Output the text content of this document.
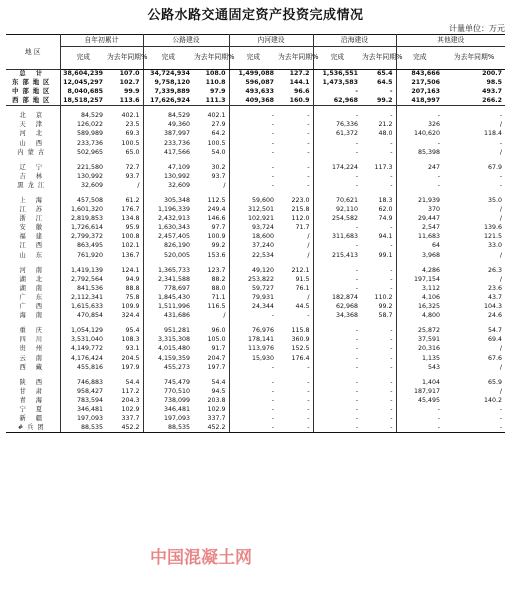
公路水路交通固定资产投资完成情况
计量单位：万元
地 区	自年初累计		公路建设		内河建设		沿海建设		其他建设	
	完成	为去年同期%	完成	为去年同期%	完成	为去年同期%	完成	为去年同期%	完成	为去年同期%
总 计	38,604,239	107.0	34,724,934	108.0	1,499,088	127.2	1,536,551	65.4	843,666	200.7
东部地区	12,045,297	102.7	9,758,120	110.8	596,087	144.1	1,473,583	64.5	217,506	98.5
中部地区	8,040,685	99.9	7,339,889	97.9	493,633	96.6	-	-	207,163	493.7
西部地区	18,518,257	113.6	17,626,924	111.3	409,368	160.9	62,968	99.2	418,997	266.2

北 京	84,529	402.1	84,529	402.1	-	-	-	-	-	-
天 津	126,022	23.5	49,360	27.9	-	-	76,336	21.2	326	/
河 北	589,989	69.3	387,997	64.2	-	-	61,372	48.0	140,620	118.4
山 西	233,736	100.5	233,736	100.5	-	-	-	-	-	-
内蒙古	502,965	65.0	417,566	54.0	-	-	-	-	85,398	/

辽 宁	221,580	72.7	47,109	30.2	-	-	174,224	117.3	247	67.9
吉 林	130,992	93.7	130,992	93.7	-	-	-	-	-	-
黑龙江	32,609	/	32,609	/	-	-	-	-	-	-

上 海	457,508	61.2	305,348	112.5	59,600	223.0	70,621	18.3	21,939	35.0
江 苏	1,601,320	176.7	1,196,339	249.4	312,501	215.8	92,110	62.0	370	/
浙 江	2,819,853	134.8	2,432,913	146.6	102,921	112.0	254,582	74.9	29,447	/
安 徽	1,726,614	95.9	1,630,343	97.7	93,724	71.7	-	-	2,547	139.6
福 建	2,799,372	100.8	2,457,405	100.9	18,600	/	311,683	94.1	11,683	121.5
江 西	863,495	102.1	826,190	99.2	37,240	/	-	-	64	33.0
山 东	761,920	136.7	520,005	153.6	22,534	/	215,413	99.1	3,968	/

河 南	1,419,139	124.1	1,365,733	123.7	49,120	212.1	-	-	4,286	26.3
湖 北	2,792,564	94.9	2,341,588	88.2	253,822	91.5	-	-	197,154	/
湖 南	841,536	88.8	778,697	88.0	59,727	76.1	-	-	3,112	23.6
广 东	2,112,341	75.8	1,845,430	71.1	79,931	/	182,874	110.2	4,106	43.7
广 西	1,615,633	109.9	1,511,996	116.5	24,344	44.5	62,968	99.2	16,325	104.3
海 南	470,854	324.4	431,686	/	-	-	34,368	58.7	4,800	24.6

重 庆	1,054,129	95.4	951,281	96.0	76,976	115.8	-	-	25,872	54.7
四 川	3,531,040	108.3	3,315,308	105.0	178,141	360.9	-	-	37,591	69.4
贵 州	4,149,772	93.1	4,015,480	91.7	113,976	152.5	-	-	20,316	/
云 南	4,176,424	204.5	4,159,359	204.7	15,930	176.4	-	-	1,135	67.6
西 藏	455,816	197.9	455,273	197.7	-	-	-	-	543	/

陕 西	746,883	54.4	745,479	54.4	-	-	-	-	1,404	65.9
甘 肃	958,427	117.2	770,510	94.5	-	-	-	-	187,917	/
青 海	783,594	204.3	738,099	203.8	-	-	-	-	45,495	140.2
宁 夏	346,481	102.9	346,481	102.9	-	-	-	-	-	-
新 疆	197,093	337.7	197,093	337.7	-	-	-	-	-	-
#兵团	88,535	452.2	88,535	452.2	-	-	-	-	-	-
中国混凝土网
